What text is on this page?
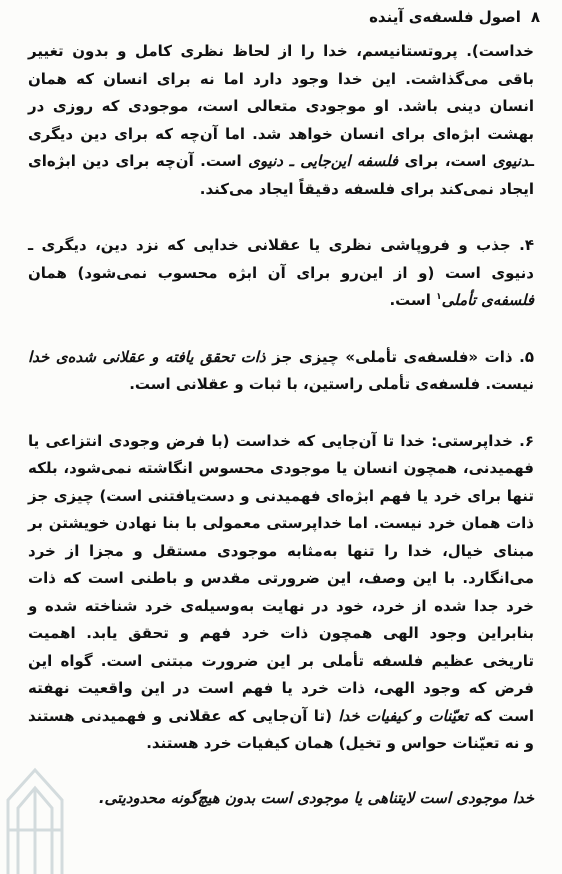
۸
اصول فلسفه‌ی آینده

خداست). پروتستانیسم، خدا را از لحاظ نظری کامل و بدون تغییر باقی می‌گذاشت. این خدا وجود دارد اما نه برای انسان که همان انسان دینی باشد. او موجودی متعالی است، موجودی که روزی در بهشت ابژه‌ای برای انسان خواهد شد. اما آن‌چه که برای دین دیگری ـدنیوی است، برای فلسفه این‌جایی ـ دنیوی است. آن‌چه برای دین ابژه‌ای ایجاد نمی‌کند برای فلسفه دقیقاً ایجاد می‌کند.

۴. جذب و فروپاشی نظری یا عقلانی خدایی که نزد دین، دیگری ـ دنیوی است (و از این‌رو برای آن ابژه محسوب نمی‌شود) همان فلسفه‌ی تأملی$^۱$ است.

۵. ذات «فلسفه‌ی تأملی» چیزی جز ذات تحقق یافته و عقلانی شده‌ی خدا نیست. فلسفه‌ی تأملی راستین، با ثبات و عقلانی است.

۶. خداپرستی: خدا تا آن‌جایی که خداست (با فرض وجودی انتزاعی یا فهمیدنی، همچون انسان یا موجودی محسوس انگاشته نمی‌شود، بلکه تنها برای خرد یا فهم ابژه‌ای فهمیدنی و دست‌یافتنی است) چیزی جز ذات همان خرد نیست. اما خداپرستی معمولی با بنا نهادن خویشتن بر مبنای خیال، خدا را تنها به‌مثابه موجودی مستقل و مجزا از خرد می‌انگارد. با این وصف، این ضرورتی مقدس و باطنی است که ذات خرد جدا شده از خرد، خود در نهایت به‌وسیله‌ی خرد شناخته شده و بنابراین وجود الهی همچون ذات خرد فهم و تحقق یابد. اهمیت تاریخی عظیم فلسفه تأملی بر این ضرورت مبتنی است. گواه این فرض که وجود الهی، ذات خرد یا فهم است در این واقعیت نهفته است که تعیّنات و کیفیات خدا (تا آن‌جایی که عقلانی و فهمیدنی هستند و نه تعیّنات حواس و تخیل) همان کیفیات خرد هستند.

خدا موجودی است لایتناهی یا موجودی است بدون هیچ‌گونه محدودیتی.
